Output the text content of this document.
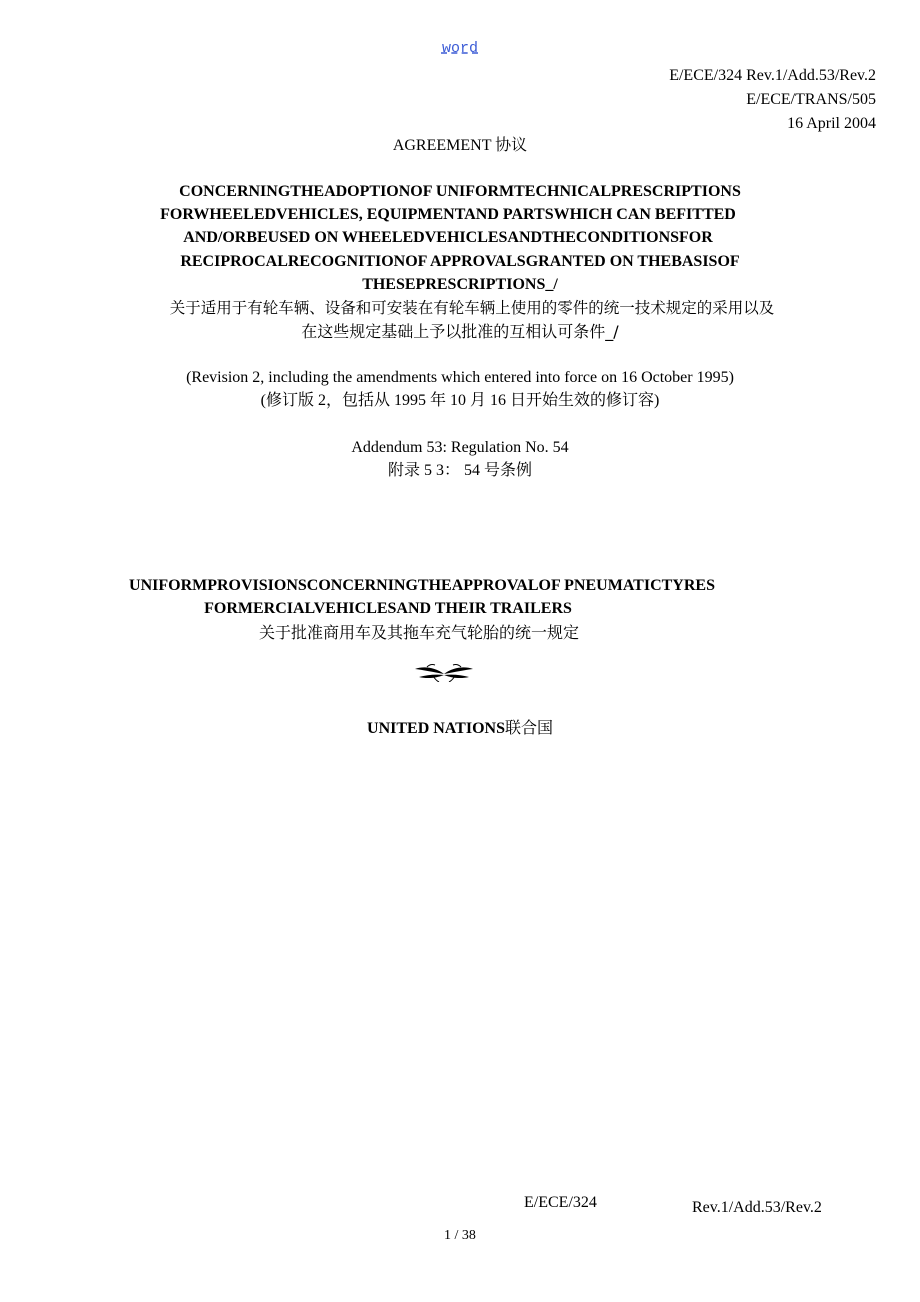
word
E/ECE/324 Rev.1/Add.53/Rev.2
E/ECE/TRANS/505
16 April 2004
AGREEMENT 协议
CONCERNINGTHEADOPTIONOF UNIFORMTECHNICALPRESCRIPTIONS
FORWHEELEDVEHICLES, EQUIPMENTAND PARTSWHICH CAN BEFITTED
AND/ORBEUSED ON WHEELEDVEHICLESANDTHECONDITIONSFOR
RECIPROCALRECOGNITIONOF APPROVALSGRANTED ON THEBASISOF
THESEPRESCRIPTIONS_/
关于适用于有轮车辆、设备和可安装在有轮车辆上使用的零件的统一技术规定的采用以及
在这些规定基础上予以批准的互相认可条件_/
(Revision 2, including the amendments which entered into force on 16 October 1995)
(修订版 2，包括从 1995 年 10 月 16 日开始生效的修订容)
Addendum 53: Regulation No. 54
附录 5 3： 54 号条例
UNIFORMPROVISIONSCONCERNINGTHEAPPROVALOF PNEUMATICTYRES
FORMERCIALVEHICLESAND THEIR TRAILERS
关于批准商用车及其拖车充气轮胎的统一规定
UNITED NATIONS联合国
E/ECE/324	Rev.1/Add.53/Rev.2
1 / 38
